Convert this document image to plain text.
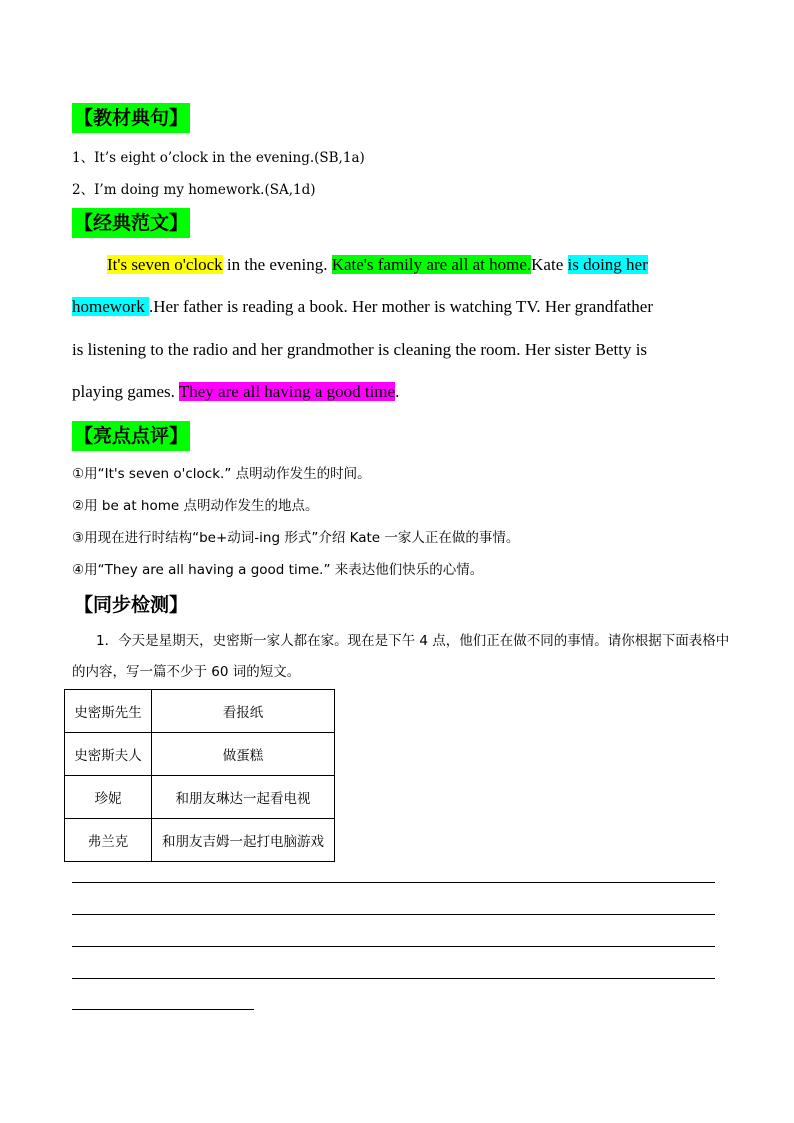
【教材典句】
1、It’s eight o’clock in the evening.(SB,1a)
2、I’m doing my homework.(SA,1d)
【经典范文】
It's seven o'clock in the evening. Kate's family are all at home.Kate is doing her
homework .Her father is reading a book. Her mother is watching TV. Her grandfather
is listening to the radio and her grandmother is cleaning the room. Her sister Betty is
playing games. They are all having a good time.
【亮点点评】
①用“It's seven o'clock.” 点明动作发生的时间。
②用 be at home 点明动作发生的地点。
③用现在进行时结构“be+动词-ing 形式”介绍 Kate 一家人正在做的事情。
④用“They are all having a good time.” 来表达他们快乐的心情。
【同步检测】
1．今天是星期天，史密斯一家人都在家。现在是下午 4 点，他们正在做不同的事情。请你根据下面表格中的内容，写一篇不少于 60 词的短文。
史密斯先生	看报纸
史密斯夫人	做蛋糕
珍妮	和朋友琳达一起看电视
弗兰克	和朋友吉姆一起打电脑游戏
